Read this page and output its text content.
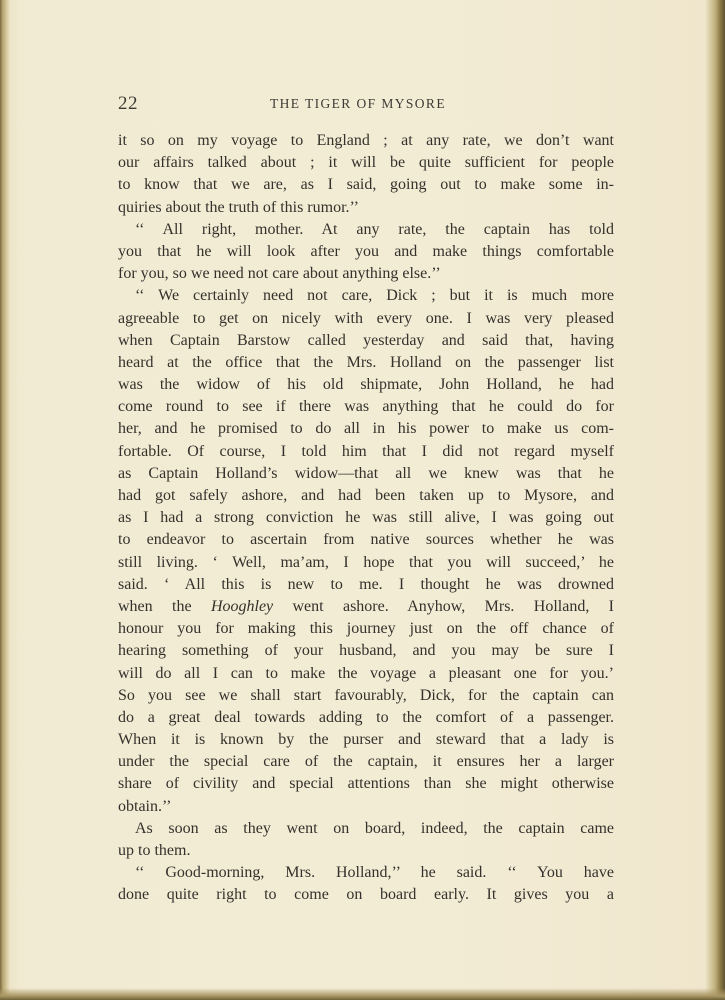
22	THE TIGER OF MYSORE
it so on my voyage to England ; at any rate, we don’t want
our affairs talked about ; it will be quite sufficient for people
to know that we are, as I said, going out to make some in-
quiries about the truth of this rumor.’’
‘‘ All right, mother. At any rate, the captain has told
you that he will look after you and make things comfortable
for you, so we need not care about anything else.’’
‘‘ We certainly need not care, Dick ; but it is much more
agreeable to get on nicely with every one. I was very pleased
when Captain Barstow called yesterday and said that, having
heard at the office that the Mrs. Holland on the passenger list
was the widow of his old shipmate, John Holland, he had
come round to see if there was anything that he could do for
her, and he promised to do all in his power to make us com-
fortable. Of course, I told him that I did not regard myself
as Captain Holland’s widow—that all we knew was that he
had got safely ashore, and had been taken up to Mysore, and
as I had a strong conviction he was still alive, I was going out
to endeavor to ascertain from native sources whether he was
still living. ‘ Well, ma’am, I hope that you will succeed,’ he
said. ‘ All this is new to me. I thought he was drowned
when the Hooghley went ashore. Anyhow, Mrs. Holland, I
honour you for making this journey just on the off chance of
hearing something of your husband, and you may be sure I
will do all I can to make the voyage a pleasant one for you.’
So you see we shall start favourably, Dick, for the captain can
do a great deal towards adding to the comfort of a passenger.
When it is known by the purser and steward that a lady is
under the special care of the captain, it ensures her a larger
share of civility and special attentions than she might otherwise
obtain.’’
As soon as they went on board, indeed, the captain came
up to them.
‘‘ Good-morning, Mrs. Holland,’’ he said. ‘‘ You have
done quite right to come on board early. It gives you a
